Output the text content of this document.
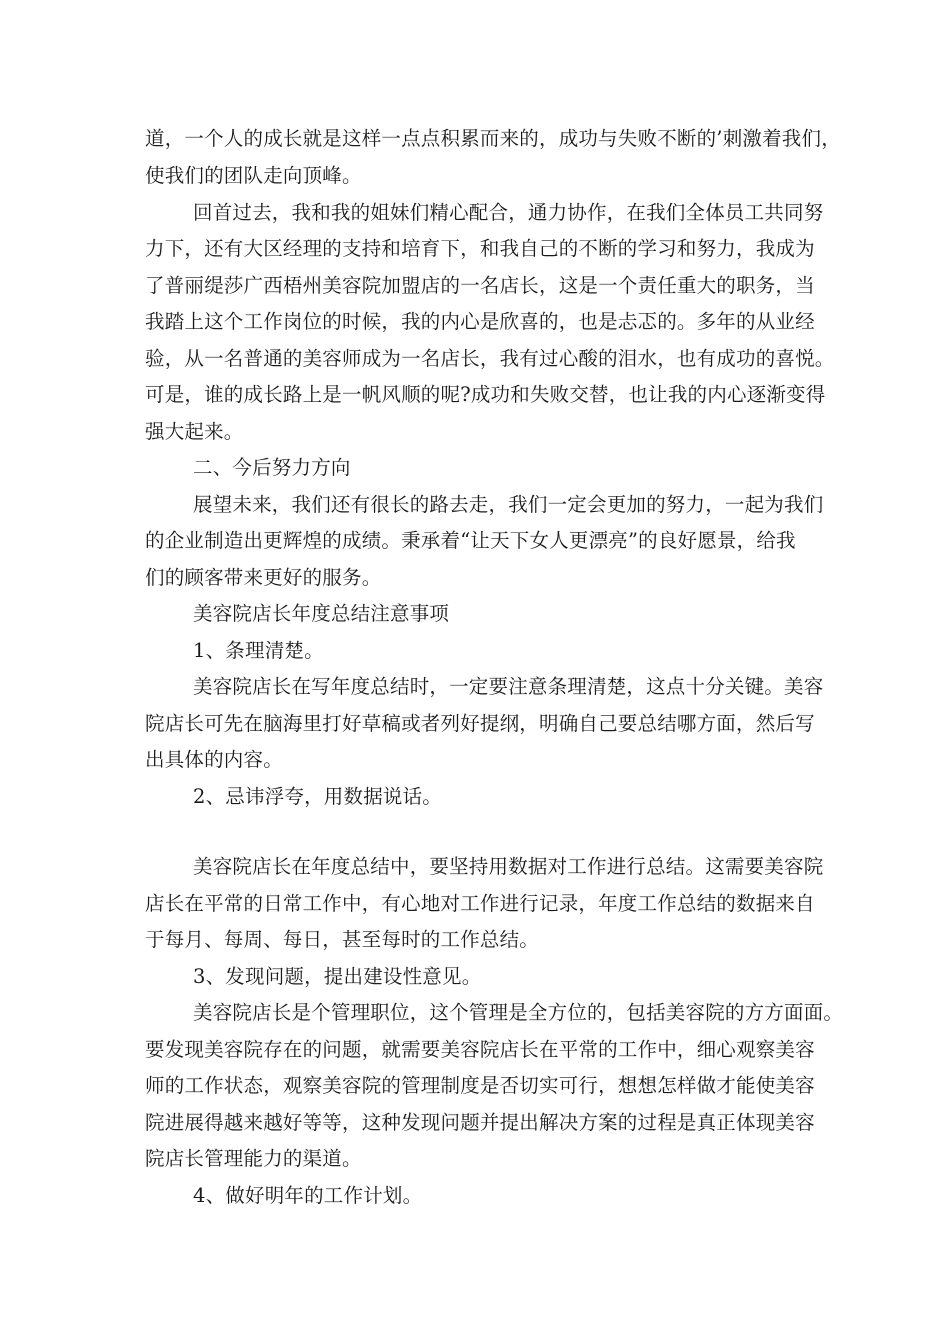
道，一个人的成长就是这样一点点积累而来的，成功与失败不断的’刺激着我们，
使我们的团队走向顶峰。
回首过去，我和我的姐妹们精心配合，通力协作，在我们全体员工共同努
力下，还有大区经理的支持和培育下，和我自己的不断的学习和努力，我成为
了普丽缇莎广西梧州美容院加盟店的一名店长，这是一个责任重大的职务，当
我踏上这个工作岗位的时候，我的内心是欣喜的，也是忐忑的。多年的从业经
验，从一名普通的美容师成为一名店长，我有过心酸的泪水，也有成功的喜悦。
可是，谁的成长路上是一帆风顺的呢?成功和失败交替，也让我的内心逐渐变得
强大起来。
二、今后努力方向
展望未来，我们还有很长的路去走，我们一定会更加的努力，一起为我们
的企业制造出更辉煌的成绩。秉承着“让天下女人更漂亮”的良好愿景，给我
们的顾客带来更好的服务。
美容院店长年度总结注意事项
1、条理清楚。
美容院店长在写年度总结时，一定要注意条理清楚，这点十分关键。美容
院店长可先在脑海里打好草稿或者列好提纲，明确自己要总结哪方面，然后写
出具体的内容。
2、忌讳浮夸，用数据说话。
美容院店长在年度总结中，要坚持用数据对工作进行总结。这需要美容院
店长在平常的日常工作中，有心地对工作进行记录，年度工作总结的数据来自
于每月、每周、每日，甚至每时的工作总结。
3、发现问题，提出建设性意见。
美容院店长是个管理职位，这个管理是全方位的，包括美容院的方方面面。
要发现美容院存在的问题，就需要美容院店长在平常的工作中，细心观察美容
师的工作状态，观察美容院的管理制度是否切实可行，想想怎样做才能使美容
院进展得越来越好等等，这种发现问题并提出解决方案的过程是真正体现美容
院店长管理能力的渠道。
4、做好明年的工作计划。
